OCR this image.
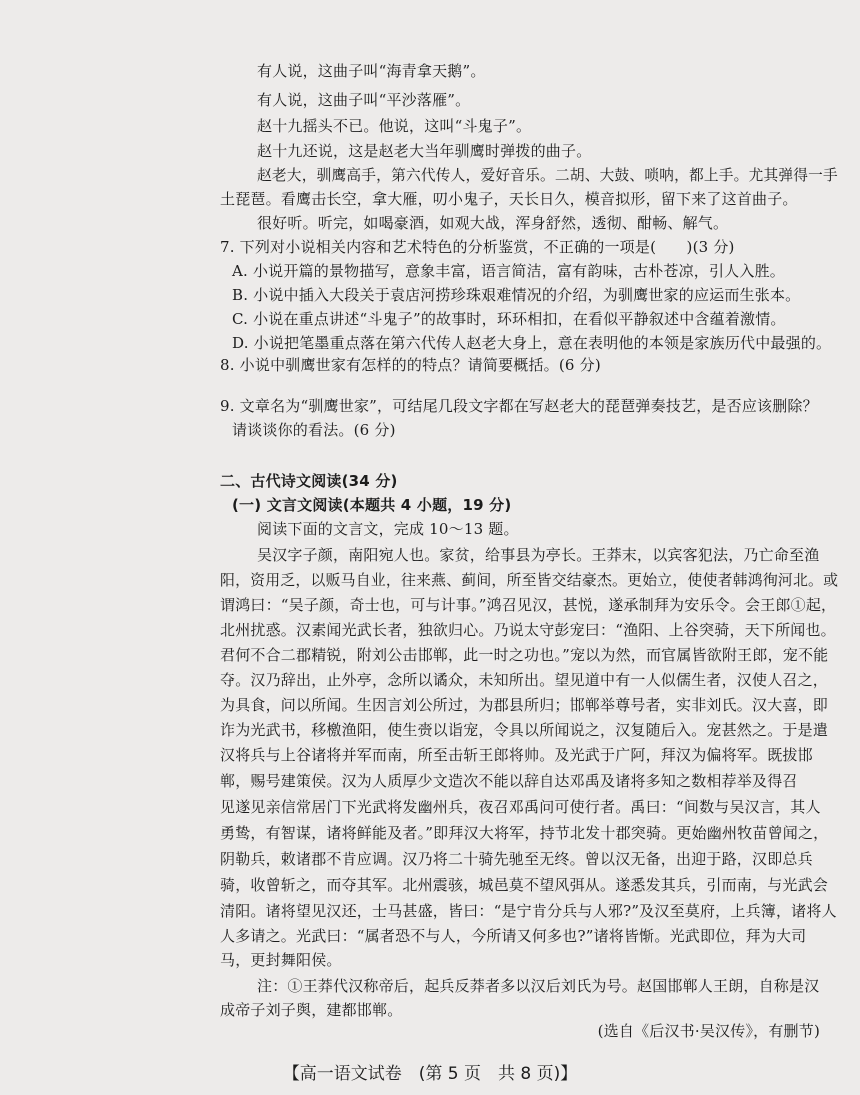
有人说，这曲子叫“海青拿天鹅”。
有人说，这曲子叫“平沙落雁”。
赵十九摇头不已。他说，这叫“斗鬼子”。
赵十九还说，这是赵老大当年驯鹰时弹拨的曲子。
赵老大，驯鹰高手，第六代传人，爱好音乐。二胡、大鼓、唢呐，都上手。尤其弹得一手
土琵琶。看鹰击长空，拿大雁，叨小鬼子，天长日久，模音拟形，留下来了这首曲子。
很好听。听完，如喝豪酒，如观大战，浑身舒然，透彻、酣畅、解气。
7. 下列对小说相关内容和艺术特色的分析鉴赏，不正确的一项是(　　)(3 分)
A. 小说开篇的景物描写，意象丰富，语言简洁，富有韵味，古朴苍凉，引人入胜。
B. 小说中插入大段关于袁店河捞珍珠艰难情况的介绍，为驯鹰世家的应运而生张本。
C. 小说在重点讲述“斗鬼子”的故事时，环环相扣，在看似平静叙述中含蕴着激情。
D. 小说把笔墨重点落在第六代传人赵老大身上，意在表明他的本领是家族历代中最强的。
8. 小说中驯鹰世家有怎样的的特点？请简要概括。(6 分)
9. 文章名为“驯鹰世家”，可结尾几段文字都在写赵老大的琵琶弹奏技艺，是否应该删除？
请谈谈你的看法。(6 分)
二、古代诗文阅读(34 分)
(一) 文言文阅读(本题共 4 小题，19 分)
阅读下面的文言文，完成 10～13 题。
吴汉字子颜，南阳宛人也。家贫，给事县为亭长。王莽末，以宾客犯法，乃亡命至渔
阳，资用乏，以贩马自业，往来燕、蓟间，所至皆交结豪杰。更始立，使使者韩鸿徇河北。或
谓鸿曰：“吴子颜，奇士也，可与计事。”鸿召见汉，甚悦，遂承制拜为安乐令。会王郎①起，
北州扰惑。汉素闻光武长者，独欲归心。乃说太守彭宠曰：“渔阳、上谷突骑，天下所闻也。
君何不合二郡精锐，附刘公击邯郸，此一时之功也。”宠以为然，而官属皆欲附王郎，宠不能
夺。汉乃辞出，止外亭，念所以谲众，未知所出。望见道中有一人似儒生者，汉使人召之，
为具食，问以所闻。生因言刘公所过，为郡县所归；邯郸举尊号者，实非刘氏。汉大喜，即
诈为光武书，移檄渔阳，使生赍以诣宠，令具以所闻说之，汉复随后入。宠甚然之。于是遣
汉将兵与上谷诸将并军而南，所至击斩王郎将帅。及光武于广阿，拜汉为偏将军。既拔邯
郸，赐号建策侯。汉为人质厚少文造次不能以辞自达邓禹及诸将多知之数相荐举及得召
见遂见亲信常居门下光武将发幽州兵，夜召邓禹问可使行者。禹曰：“间数与吴汉言，其人
勇鸷，有智谋，诸将鲜能及者。”即拜汉大将军，持节北发十郡突骑。更始幽州牧苗曾闻之，
阴勒兵，敕诸郡不肯应调。汉乃将二十骑先驰至无终。曾以汉无备，出迎于路，汉即总兵
骑，收曾斩之，而夺其军。北州震骇，城邑莫不望风弭从。遂悉发其兵，引而南，与光武会
清阳。诸将望见汉还，士马甚盛，皆曰：“是宁肯分兵与人邪?”及汉至莫府，上兵簿，诸将人
人多请之。光武曰：“属者恐不与人，今所请又何多也?”诸将皆惭。光武即位，拜为大司
马，更封舞阳侯。
注：①王莽代汉称帝后，起兵反莽者多以汉后刘氏为号。赵国邯郸人王朗，自称是汉
成帝子刘子舆，建都邯郸。
(选自《后汉书·吴汉传》，有删节)
【高一语文试卷　(第 5 页　共 8 页)】
